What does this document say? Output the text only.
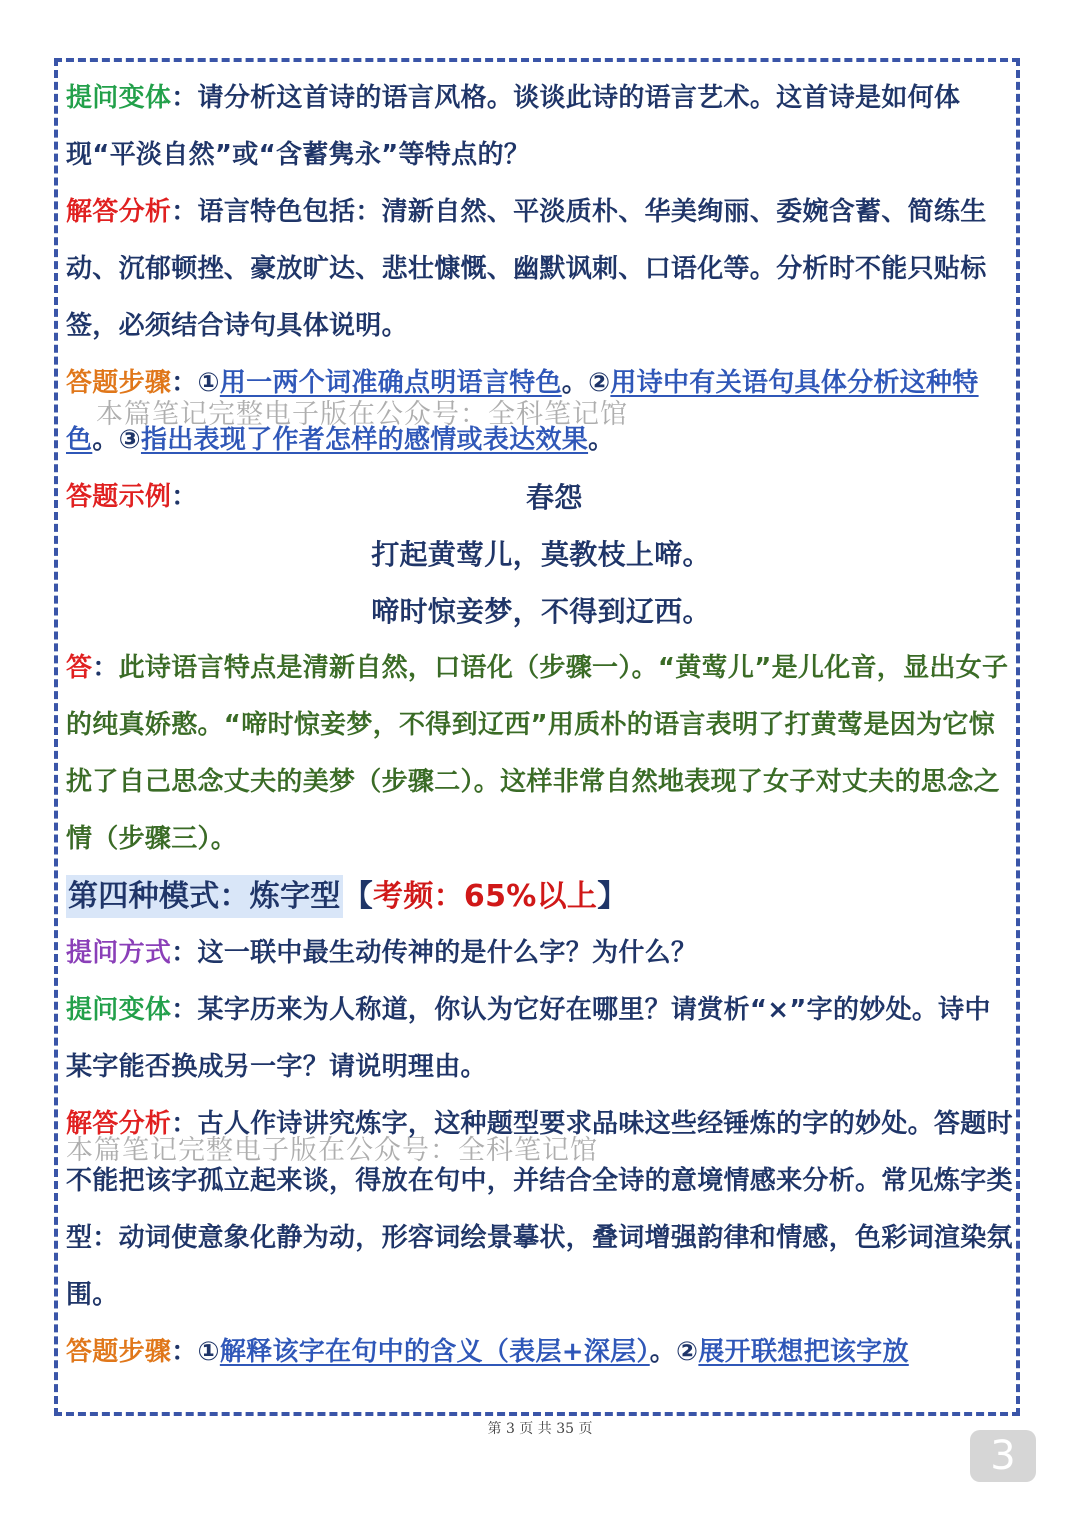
提问变体：请分析这首诗的语言风格。谈谈此诗的语言艺术。这首诗是如何体现“平淡自然”或“含蓄隽永”等特点的？

解答分析：语言特色包括：清新自然、平淡质朴、华美绚丽、委婉含蓄、简练生动、沉郁顿挫、豪放旷达、悲壮慷慨、幽默讽刺、口语化等。分析时不能只贴标签，必须结合诗句具体说明。

答题步骤：①用一两个词准确点明语言特色。②用诗中有关语句具体分析这种特色。③指出表现了作者怎样的感情或表达效果。

答题示例：	春怨

打起黄莺儿，莫教枝上啼。

啼时惊妾梦，不得到辽西。

答：此诗语言特点是清新自然，口语化（步骤一）。“黄莺儿”是儿化音，显出女子的纯真娇憨。“啼时惊妾梦，不得到辽西”用质朴的语言表明了打黄莺是因为它惊扰了自己思念丈夫的美梦（步骤二）。这样非常自然地表现了女子对丈夫的思念之情（步骤三）。

第四种模式：炼字型【考频：65%以上】

提问方式：这一联中最生动传神的是什么字？为什么？

提问变体：某字历来为人称道，你认为它好在哪里？请赏析“×”字的妙处。诗中某字能否换成另一字？请说明理由。

解答分析：古人作诗讲究炼字，这种题型要求品味这些经锤炼的字的妙处。答题时不能把该字孤立起来谈，得放在句中，并结合全诗的意境情感来分析。常见炼字类型：动词使意象化静为动，形容词绘景摹状，叠词增强韵律和情感，色彩词渲染氛围。

答题步骤：①解释该字在句中的含义（表层+深层）。②展开联想把该字放

本篇笔记完整电子版在公众号：全科笔记馆
本篇笔记完整电子版在公众号：全科笔记馆
第 3 页 共 35 页
3
